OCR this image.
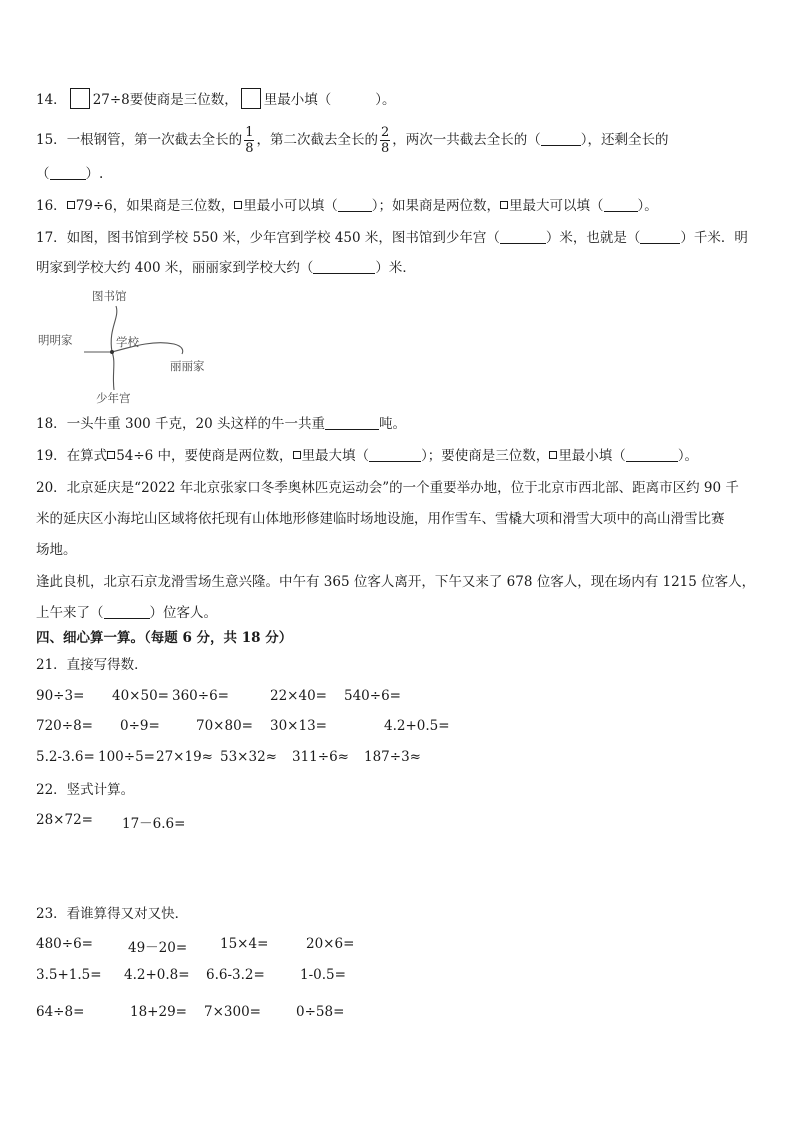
14． 27÷8要使商是三位数， 里最小填（	）。
15．一根钢管，第一次截去全长的 $\frac{1}{8}$ ，第二次截去全长的 $\frac{2}{8}$ ，两次一共截去全长的（	），还剩全长的
（	）.
16． 79÷6，如果商是三位数， 里最小可以填（	）；如果商是两位数， 里最大可以填（	）。
17．如图，图书馆到学校 550 米，少年宫到学校 450 米，图书馆到少年宫（	）米，也就是（	）千米．明
明家到学校大约 400 米，丽丽家到学校大约（	）米．
图书馆
明明家	学校
丽丽家
少年宫
18．一头牛重 300 千克，20 头这样的牛一共重	吨。
19．在算式 54÷6 中，要使商是两位数， 里最大填（	）；要使商是三位数， 里最小填（	）。
20．北京延庆是“2022 年北京张家口冬季奥林匹克运动会”的一个重要举办地，位于北京市西北部、距离市区约 90 千
米的延庆区小海坨山区域将依托现有山体地形修建临时场地设施，用作雪车、雪橇大项和滑雪大项中的高山滑雪比赛
场地。
逢此良机，北京石京龙滑雪场生意兴隆。中午有 365 位客人离开，下午又来了 678 位客人，现在场内有 1215 位客人，
上午来了（	）位客人。
四、细心算一算。（每题 6 分，共 18 分）
21．直接写得数．
90÷3= 40×50= 360÷6=	22×40= 540÷6=
720÷8= 0÷9=	70×80= 30×13=	4.2+0.5=
5.2-3.6= 100÷5= 27×19≈ 53×32≈ 311÷6≈ 187÷3≈
22．竖式计算。
28×72= 17－6.6=
23．看谁算得又对又快．
480÷6=	49－20= 15×4=	20×6=
3.5+1.5= 4.2+0.8= 6.6-3.2=	1-0.5=
64÷8=	18+29= 7×300=	0÷58=
